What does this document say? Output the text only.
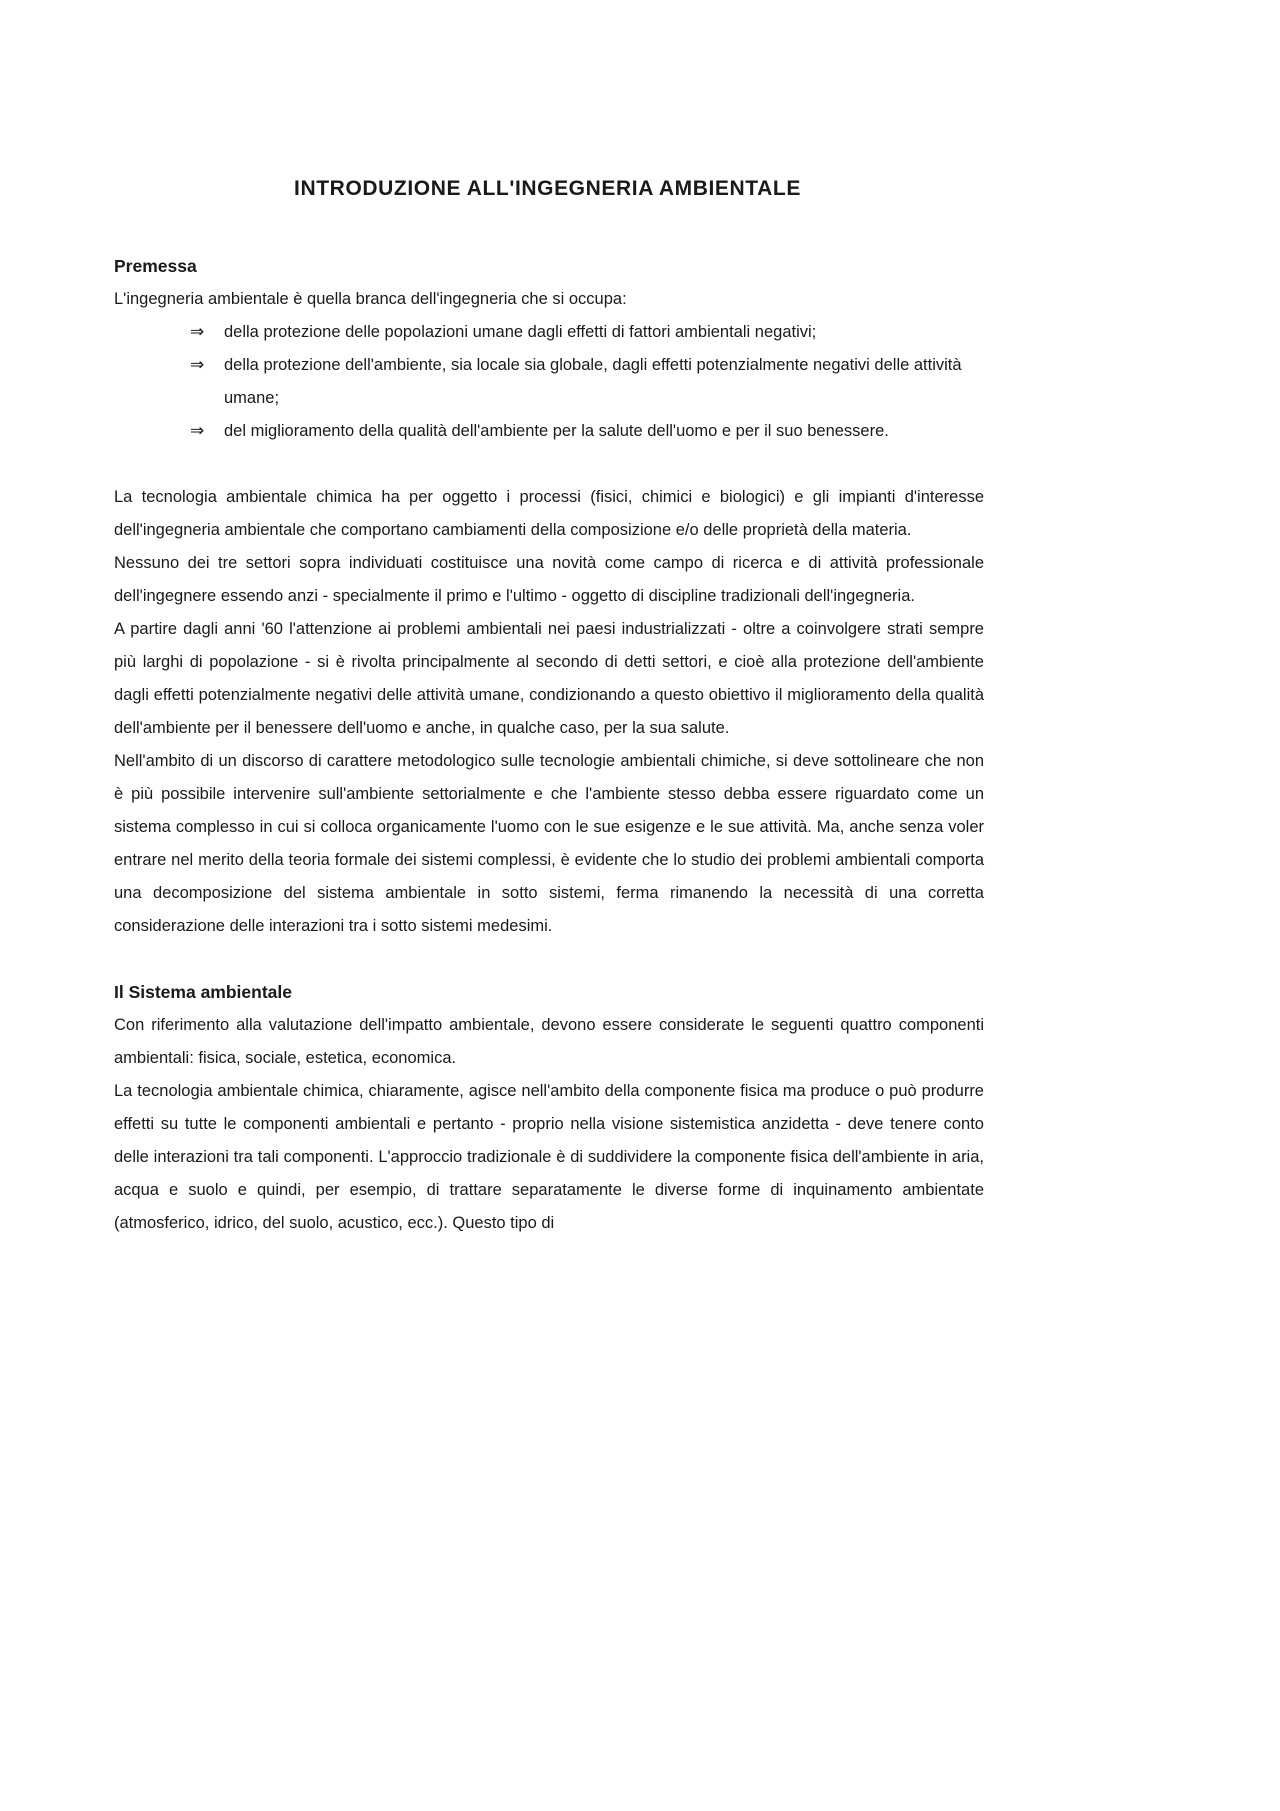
INTRODUZIONE ALL'INGEGNERIA AMBIENTALE
Premessa

L'ingegneria ambientale è quella branca dell'ingegneria che si occupa:

⇒ della protezione delle popolazioni umane dagli effetti di fattori ambientali negativi;
⇒ della protezione dell'ambiente, sia locale sia globale, dagli effetti potenzialmente negativi delle attività umane;
⇒ del miglioramento della qualità dell'ambiente per la salute dell'uomo e per il suo benessere.

La tecnologia ambientale chimica ha per oggetto i processi (fisici, chimici e biologici) e gli impianti d'interesse dell'ingegneria ambientale che comportano cambiamenti della composizione e/o delle proprietà della materia.

Nessuno dei tre settori sopra individuati costituisce una novità come campo di ricerca e di attività professionale dell'ingegnere essendo anzi - specialmente il primo e l'ultimo - oggetto di discipline tradizionali dell'ingegneria.

A partire dagli anni '60 l'attenzione ai problemi ambientali nei paesi industrializzati - oltre a coinvolgere strati sempre più larghi di popolazione - si è rivolta principalmente al secondo di detti settori, e cioè alla protezione dell'ambiente dagli effetti potenzialmente negativi delle attività umane, condizionando a questo obiettivo il miglioramento della qualità dell'ambiente per il benessere dell'uomo e anche, in qualche caso, per la sua salute.

Nell'ambito di un discorso di carattere metodologico sulle tecnologie ambientali chimiche, si deve sottolineare che non è più possibile intervenire sull'ambiente settorialmente e che l'ambiente stesso debba essere riguardato come un sistema complesso in cui si colloca organicamente l'uomo con le sue esigenze e le sue attività. Ma, anche senza voler entrare nel merito della teoria formale dei sistemi complessi, è evidente che lo studio dei problemi ambientali comporta una decomposizione del sistema ambientale in sotto sistemi, ferma rimanendo la necessità di una corretta considerazione delle interazioni tra i sotto sistemi medesimi.

Il Sistema ambientale

Con riferimento alla valutazione dell'impatto ambientale, devono essere considerate le seguenti quattro componenti ambientali: fisica, sociale, estetica, economica.

La tecnologia ambientale chimica, chiaramente, agisce nell'ambito della componente fisica ma produce o può produrre effetti su tutte le componenti ambientali e pertanto - proprio nella visione sistemistica anzidetta - deve tenere conto delle interazioni tra tali componenti. L'approccio tradizionale è di suddividere la componente fisica dell'ambiente in aria, acqua e suolo e quindi, per esempio, di trattare separatamente le diverse forme di inquinamento ambientate (atmosferico, idrico, del suolo, acustico, ecc.). Questo tipo di
